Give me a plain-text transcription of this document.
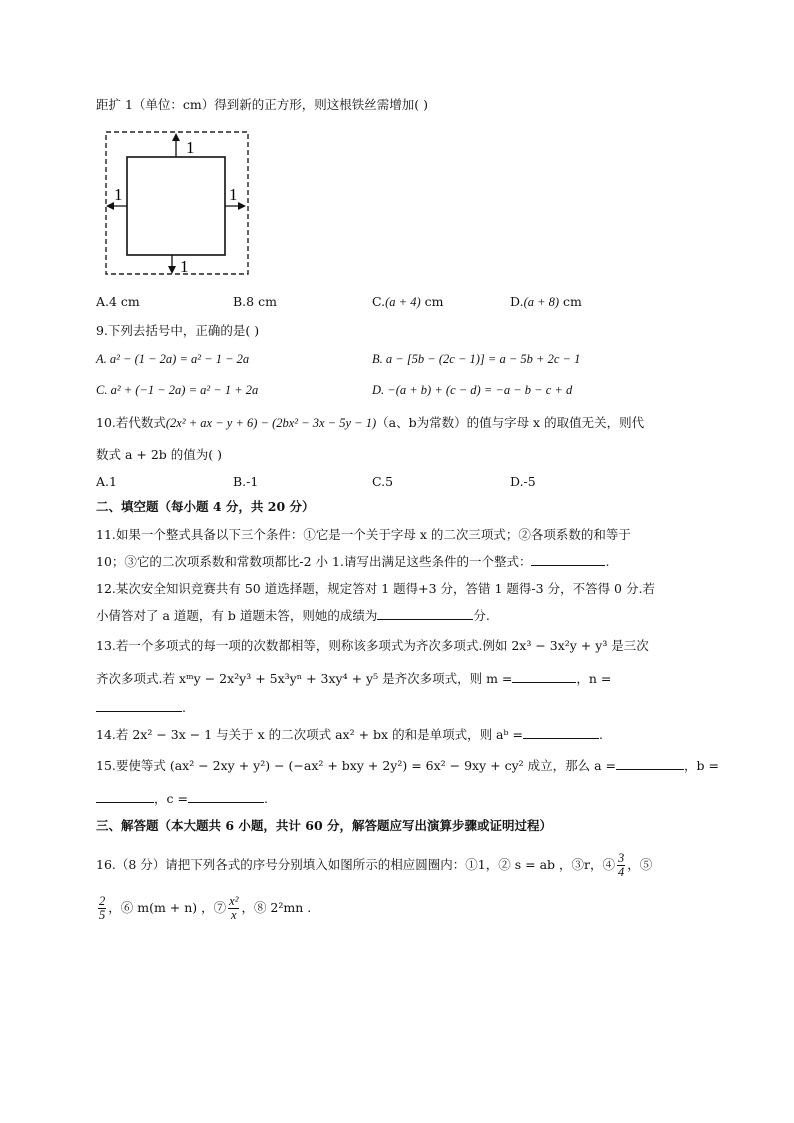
距扩 1（单位：cm）得到新的正方形，则这根铁丝需增加( )
1
1	1
1
A.4 cm	B.8 cm	C.(a + 4) cm	D.(a + 8) cm
9.下列去括号中，正确的是( )
A. a² − (1 − 2a) = a² − 1 − 2a	B. a − [5b − (2c − 1)] = a − 5b + 2c − 1
C. a² + (−1 − 2a) = a² − 1 + 2a	D. −(a + b) + (c − d) = −a − b − c + d
10.若代数式(2x² + ax − y + 6) − (2bx² − 3x − 5y − 1)（a、b为常数）的值与字母 x 的取值无关，则代
数式 a + 2b 的值为( )
A.1	B.-1	C.5	D.-5
二、填空题（每小题 4 分，共 20 分）
11.如果一个整式具备以下三个条件：①它是一个关于字母 x 的二次三项式；②各项系数的和等于
10；③它的二次项系数和常数项都比-2 小 1.请写出满足这些条件的一个整式：	.
12.某次安全知识竞赛共有 50 道选择题，规定答对 1 题得+3 分，答错 1 题得-3 分，不答得 0 分.若
小倩答对了 a 道题，有 b 道题未答，则她的成绩为	分.
13.若一个多项式的每一项的次数都相等，则称该多项式为齐次多项式.例如 2x³ − 3x²y + y³ 是三次
齐次多项式.若 xᵐy − 2x²y³ + 5x³yⁿ + 3xy⁴ + y⁵ 是齐次多项式，则 m =	，n =
.
14.若 2x² − 3x − 1 与关于 x 的二次项式 ax² + bx 的和是单项式，则 aᵇ =	.
15.要使等式 (ax² − 2xy + y²) − (−ax² + bxy + 2y²) = 6x² − 9xy + cy² 成立，那么 a =	，b =
，c =	.
三、解答题（本大题共 6 小题，共计 60 分，解答题应写出演算步骤或证明过程）
16.（8 分）请把下列各式的序号分别填入如图所示的相应圆圈内：①1，② s = ab ，③r，④ $\frac{3}{4}$ ，⑤
$\frac{2}{5}$ ，⑥ m(m + n) ，⑦ $\frac{\text{x²}}{x}$ ，⑧ 2²mn .
